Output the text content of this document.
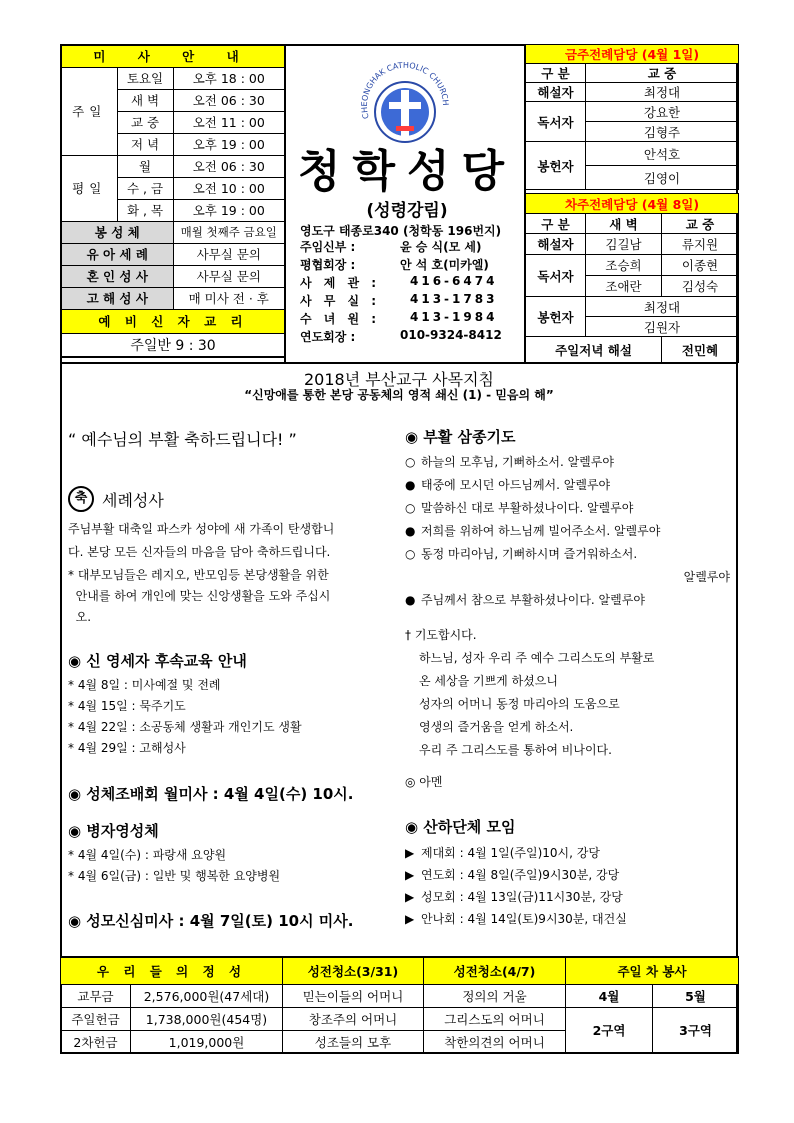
미 사 안 내		
주일	토요일	오후 18 : 00
	새 벽	오전 06 : 30
	교 중	오전 11 : 00
	저 녁	오후 19 : 00
평일	월	오전 06 : 30
	수 , 금	오전 10 : 00
	화 , 목	오후 19 : 00
봉 성 체		매월 첫째주 금요일
유 아 세 례		사무실 문의
혼 인 성 사		사무실 문의
고 해 성 사		매 미사 전 · 후
예 비 신 자 교 리		
주일반 9 : 30		
CHEONGHAK CATHOLIC CHURCH
청학성당
(성령강림)
영도구 태종로340 (청학동 196번지)
주임신부 :	윤 승 식(모 세)
평협회장 :	안 석 호(미카엘)
사 제 관 :	416-6474
사 무 실 :	413-1783
수 녀 원 :	413-1984
연도회장 :	010-9324-8412
금주전례담당 (4월 1일)	
구 분	교 중
해설자	최정대
독서자	강요한
	김형주
봉헌자	안석호
	김영이
차주전례담당 (4월 8일)		
구 분	새 벽	교 중
해설자	김길남	류지원
독서자	조승희	이종현
	조애란	김성숙
봉헌자	최정대	
	김원자	
주일저녁 해설		전민혜
2018년 부산교구 사목지침
“신망애를 통한 본당 공동체의 영적 쇄신 (1) - 믿음의 해”
“ 예수님의 부활 축하드립니다! ”
축 세례성사
주님부활 대축일 파스카 성야에 새 가족이 탄생합니
다. 본당 모든 신자들의 마음을 담아 축하드립니다.
* 대부모님들은 레지오, 반모임등 본당생활을 위한
안내를 하여 개인에 맞는 신앙생활을 도와 주십시
오.
◉ 신 영세자 후속교육 안내
* 4월 8일 : 미사예절 및 전례
* 4월 15일 : 묵주기도
* 4월 22일 : 소공동체 생활과 개인기도 생활
* 4월 29일 : 고해성사
◉ 성체조배회 월미사 : 4월 4일(수) 10시.
◉ 병자영성체
* 4월 4일(수) : 파랑새 요양원
* 4월 6일(금) : 일반 및 행복한 요양병원
◉ 성모신심미사 : 4월 7일(토) 10시 미사.
◉ 부활 삼종기도
○ 하늘의 모후님, 기뻐하소서. 알렐루야
● 태중에 모시던 아드님께서. 알렐루야
○ 말씀하신 대로 부활하셨나이다. 알렐루야
● 저희를 위하여 하느님께 빌어주소서. 알렐루야
○ 동정 마리아님, 기뻐하시며 즐거워하소서.
알렐루야
● 주님께서 참으로 부활하셨나이다. 알렐루야
† 기도합시다.
하느님, 성자 우리 주 예수 그리스도의 부활로
온 세상을 기쁘게 하셨으니
성자의 어머니 동정 마리아의 도움으로
영생의 즐거움을 얻게 하소서.
우리 주 그리스도를 통하여 비나이다.
◎ 아멘
◉ 산하단체 모임
▶ 제대회 : 4월 1일(주일)10시, 강당
▶ 연도회 : 4월 8일(주일)9시30분, 강당
▶ 성모회 : 4월 13일(금)11시30분, 강당
▶ 안나회 : 4월 14일(토)9시30분, 대건실
우 리 들 의 정 성		성전청소(3/31)	성전청소(4/7)	주일 차 봉사	
교무금	2,576,000원(47세대)	믿는이들의 어머니	정의의 거울	4월	5월
주일헌금	1,738,000원(454명)	창조주의 어머니	그리스도의 어머니	2구역	3구역
2차헌금	1,019,000원	성조들의 모후	착한의견의 어머니		
